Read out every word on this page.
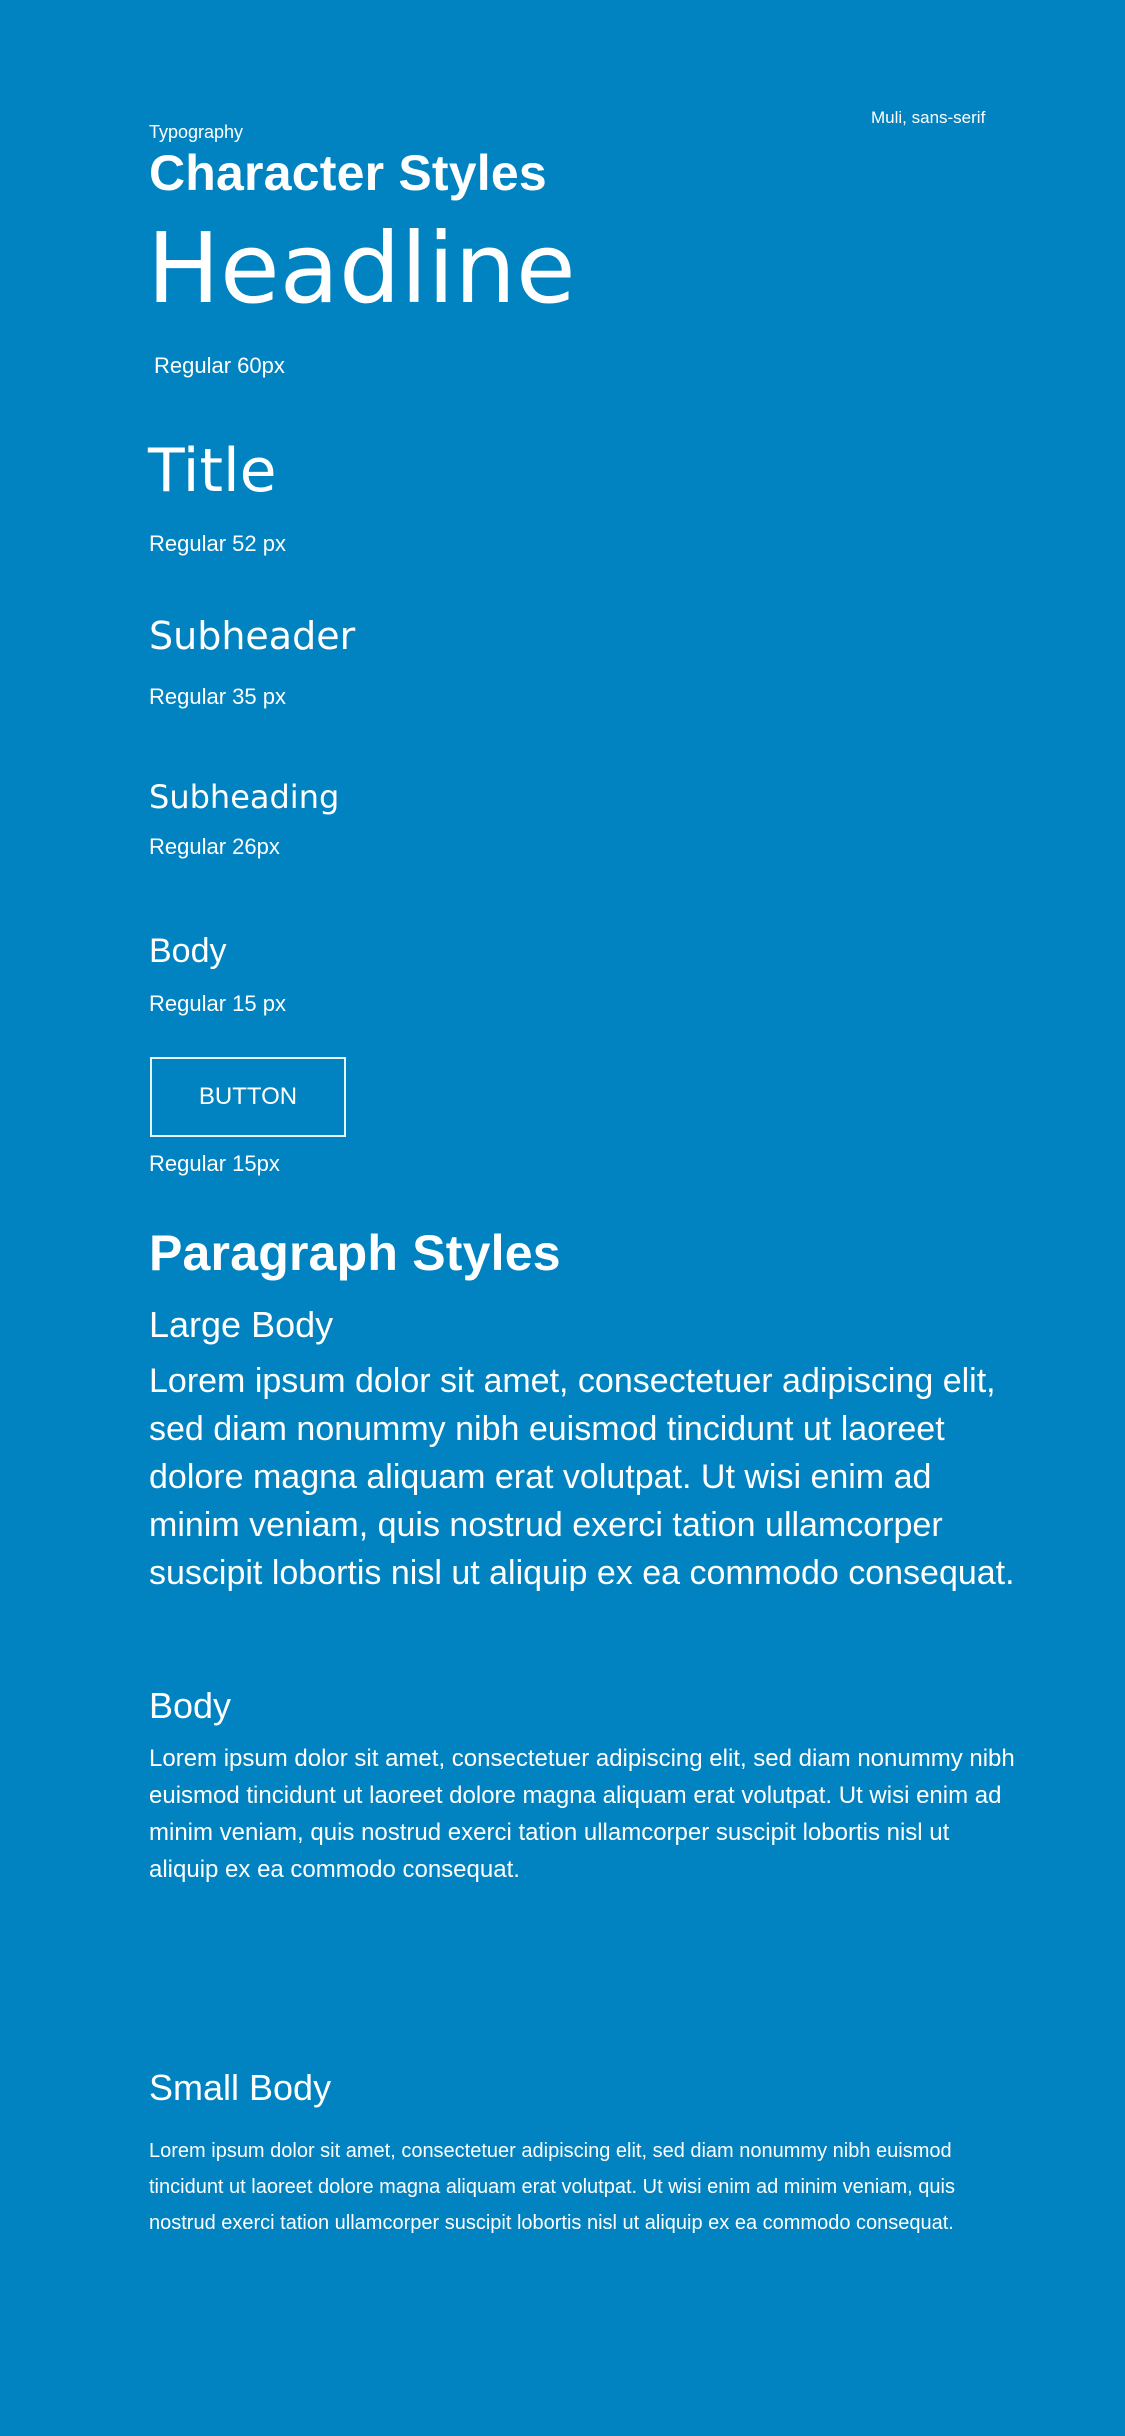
Typography

Muli, sans-serif

Character Styles
Headline
Regular 60px
Title
Regular 52 px
Subheader
Regular 35 px
Subheading
Regular 26px
Body
Regular 15 px
BUTTON
Regular 15px
Paragraph Styles
Large Body

Lorem ipsum dolor sit amet, consectetuer adipiscing elit, sed diam nonummy nibh euismod tincidunt ut laoreet dolore magna aliquam erat volutpat. Ut wisi enim ad minim veniam, quis nostrud exerci tation ullamcorper suscipit lobortis nisl ut aliquip ex ea commodo consequat.

Body

Lorem ipsum dolor sit amet, consectetuer adipiscing elit, sed diam nonummy nibh euismod tincidunt ut laoreet dolore magna aliquam erat volutpat. Ut wisi enim ad minim veniam, quis nostrud exerci tation ullamcorper suscipit lobortis nisl ut aliquip ex ea commodo consequat.

Small Body

Lorem ipsum dolor sit amet, consectetuer adipiscing elit, sed diam nonummy nibh euismod tincidunt ut laoreet dolore magna aliquam erat volutpat. Ut wisi enim ad minim veniam, quis nostrud exerci tation ullamcorper suscipit lobortis nisl ut aliquip ex ea commodo consequat.
